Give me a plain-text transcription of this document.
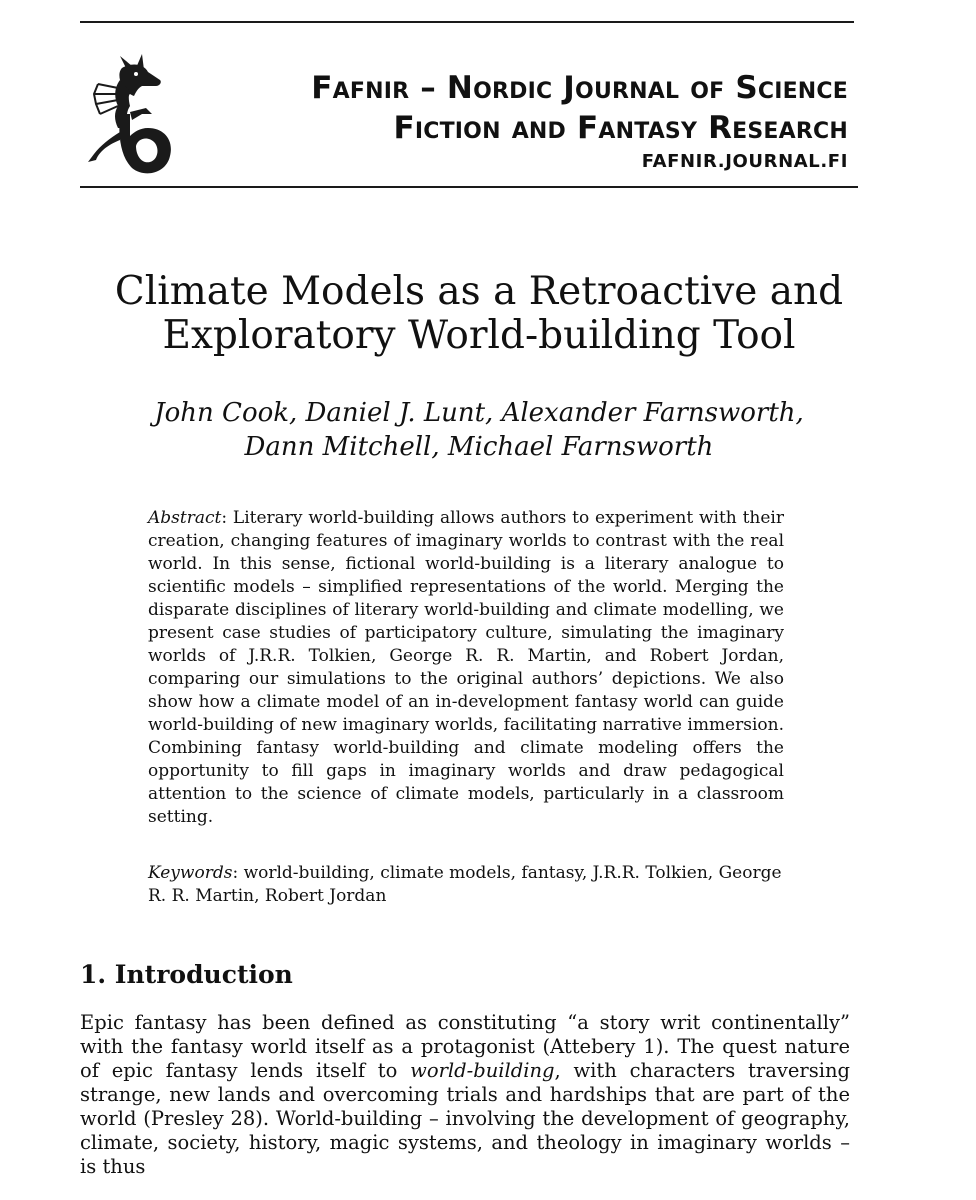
Fafnir – Nordic Journal of Science
Fiction and Fantasy Research
FAFNIR.JOURNAL.FI
Climate Models as a Retroactive and
Exploratory World-building Tool
John Cook, Daniel J. Lunt, Alexander Farnsworth,
Dann Mitchell, Michael Farnsworth
Abstract: Literary world-building allows authors to experiment with their creation, changing features of imaginary worlds to contrast with the real world. In this sense, fictional world-building is a literary analogue to scientific models – simplified representations of the world. Merging the disparate disciplines of literary world-building and climate modelling, we present case studies of participatory culture, simulating the imaginary worlds of J.R.R. Tolkien, George R. R. Martin, and Robert Jordan, comparing our simulations to the original authors’ depictions. We also show how a climate model of an in-development fantasy world can guide world-building of new imaginary worlds, facilitating narrative immersion. Combining fantasy world-building and climate modeling offers the opportunity to fill gaps in imaginary worlds and draw pedagogical attention to the science of climate models, particularly in a classroom setting.
Keywords: world-building, climate models, fantasy, J.R.R. Tolkien, George R. R. Martin, Robert Jordan
1. Introduction
Epic fantasy has been defined as constituting “a story writ continentally” with the fantasy world itself as a protagonist (Attebery 1). The quest nature of epic fantasy lends itself to world-building, with characters traversing strange, new lands and overcoming trials and hardships that are part of the world (Presley 28). World-building – involving the development of geography, climate, society, history, magic systems, and theology in imaginary worlds – is thus
